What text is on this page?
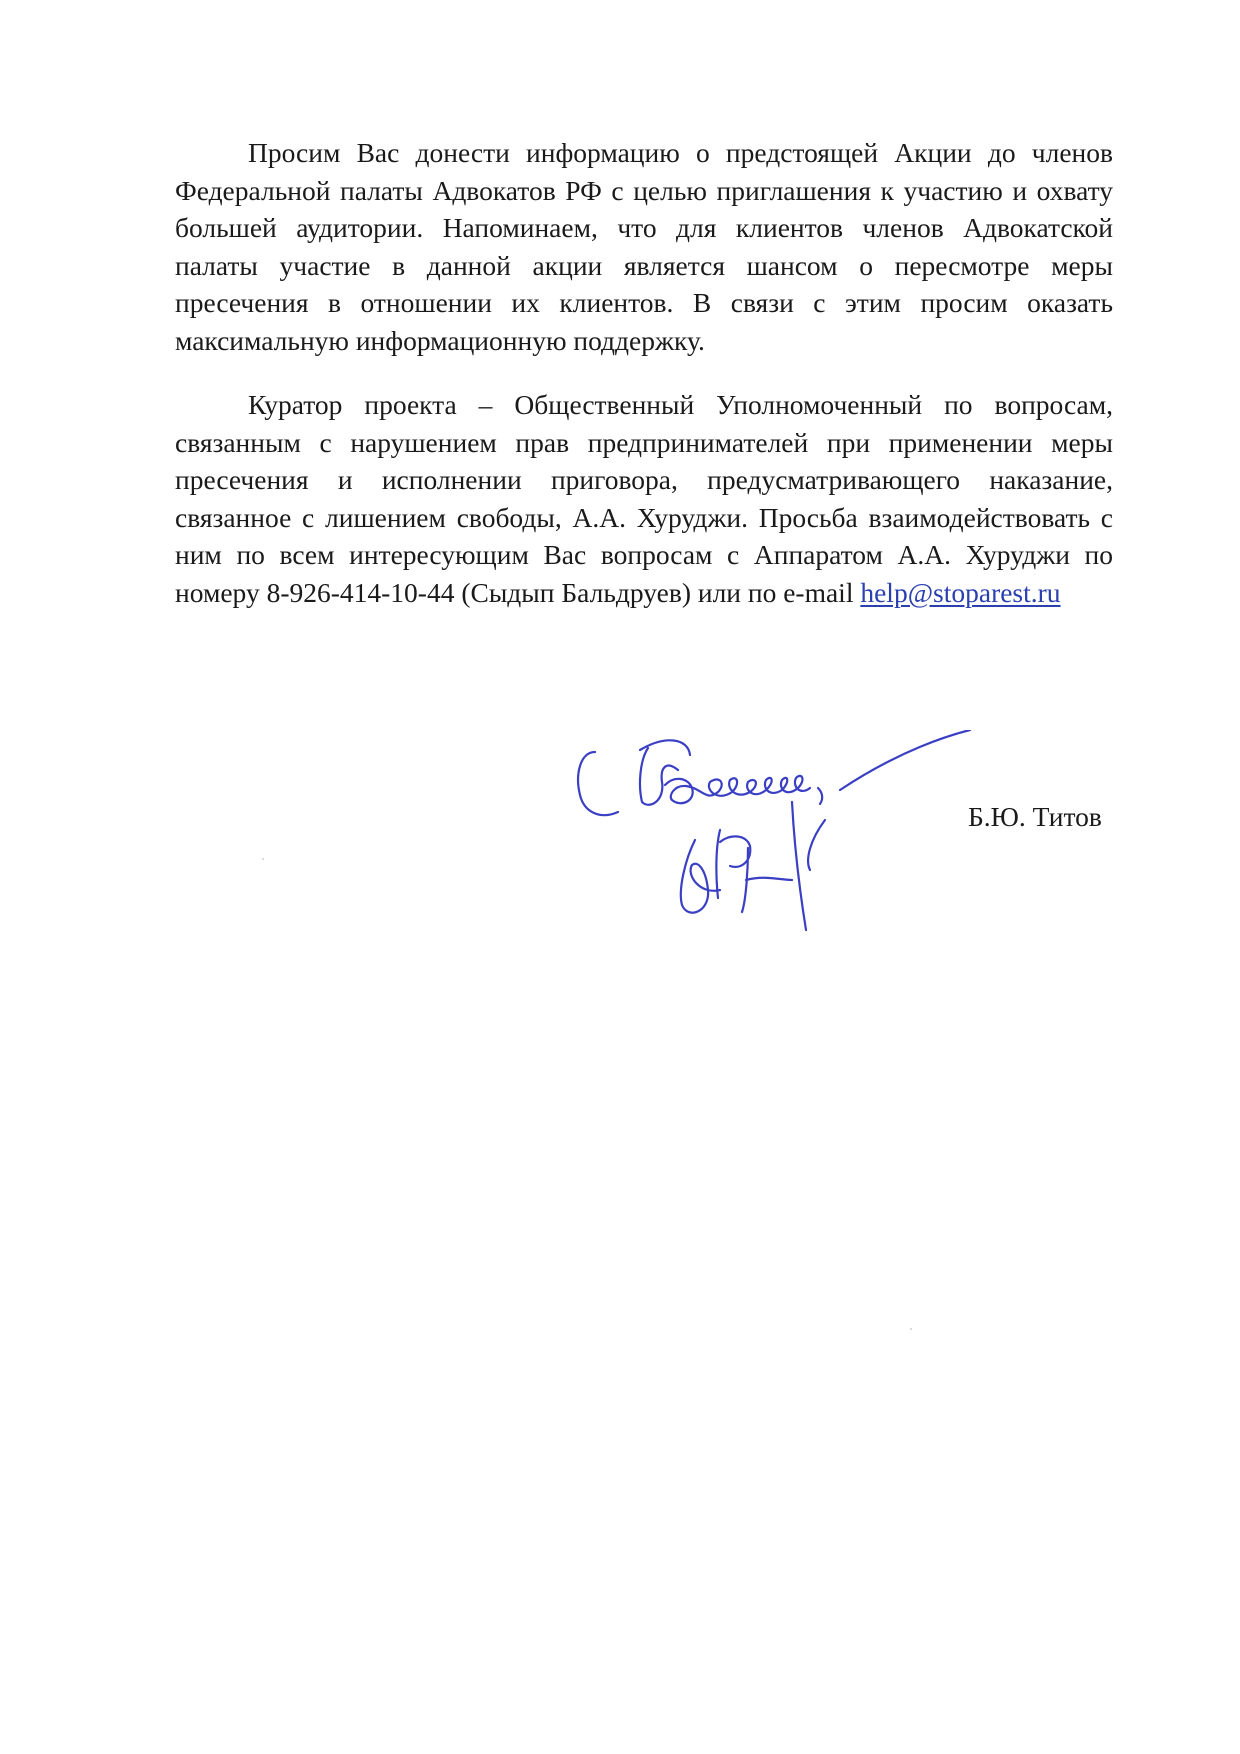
Просим Вас донести информацию о предстоящей Акции до членов Федеральной палаты Адвокатов РФ с целью приглашения к участию и охвату большей аудитории. Напоминаем, что для клиентов членов Адвокатской палаты участие в данной акции является шансом о пересмотре меры пресечения в отношении их клиентов. В связи с этим просим оказать максимальную информационную поддержку.

Куратор проекта – Общественный Уполномоченный по вопросам, связанным с нарушением прав предпринимателей при применении меры пресечения и исполнении приговора, предусматривающего наказание, связанное с лишением свободы, А.А. Хуруджи. Просьба взаимодействовать с ним по всем интересующим Вас вопросам с Аппаратом А.А. Хуруджи по номеру 8-926-414-10-44 (Сыдып Бальдруев) или по e-mail help@stoparest.ru

Б.Ю. Титов
